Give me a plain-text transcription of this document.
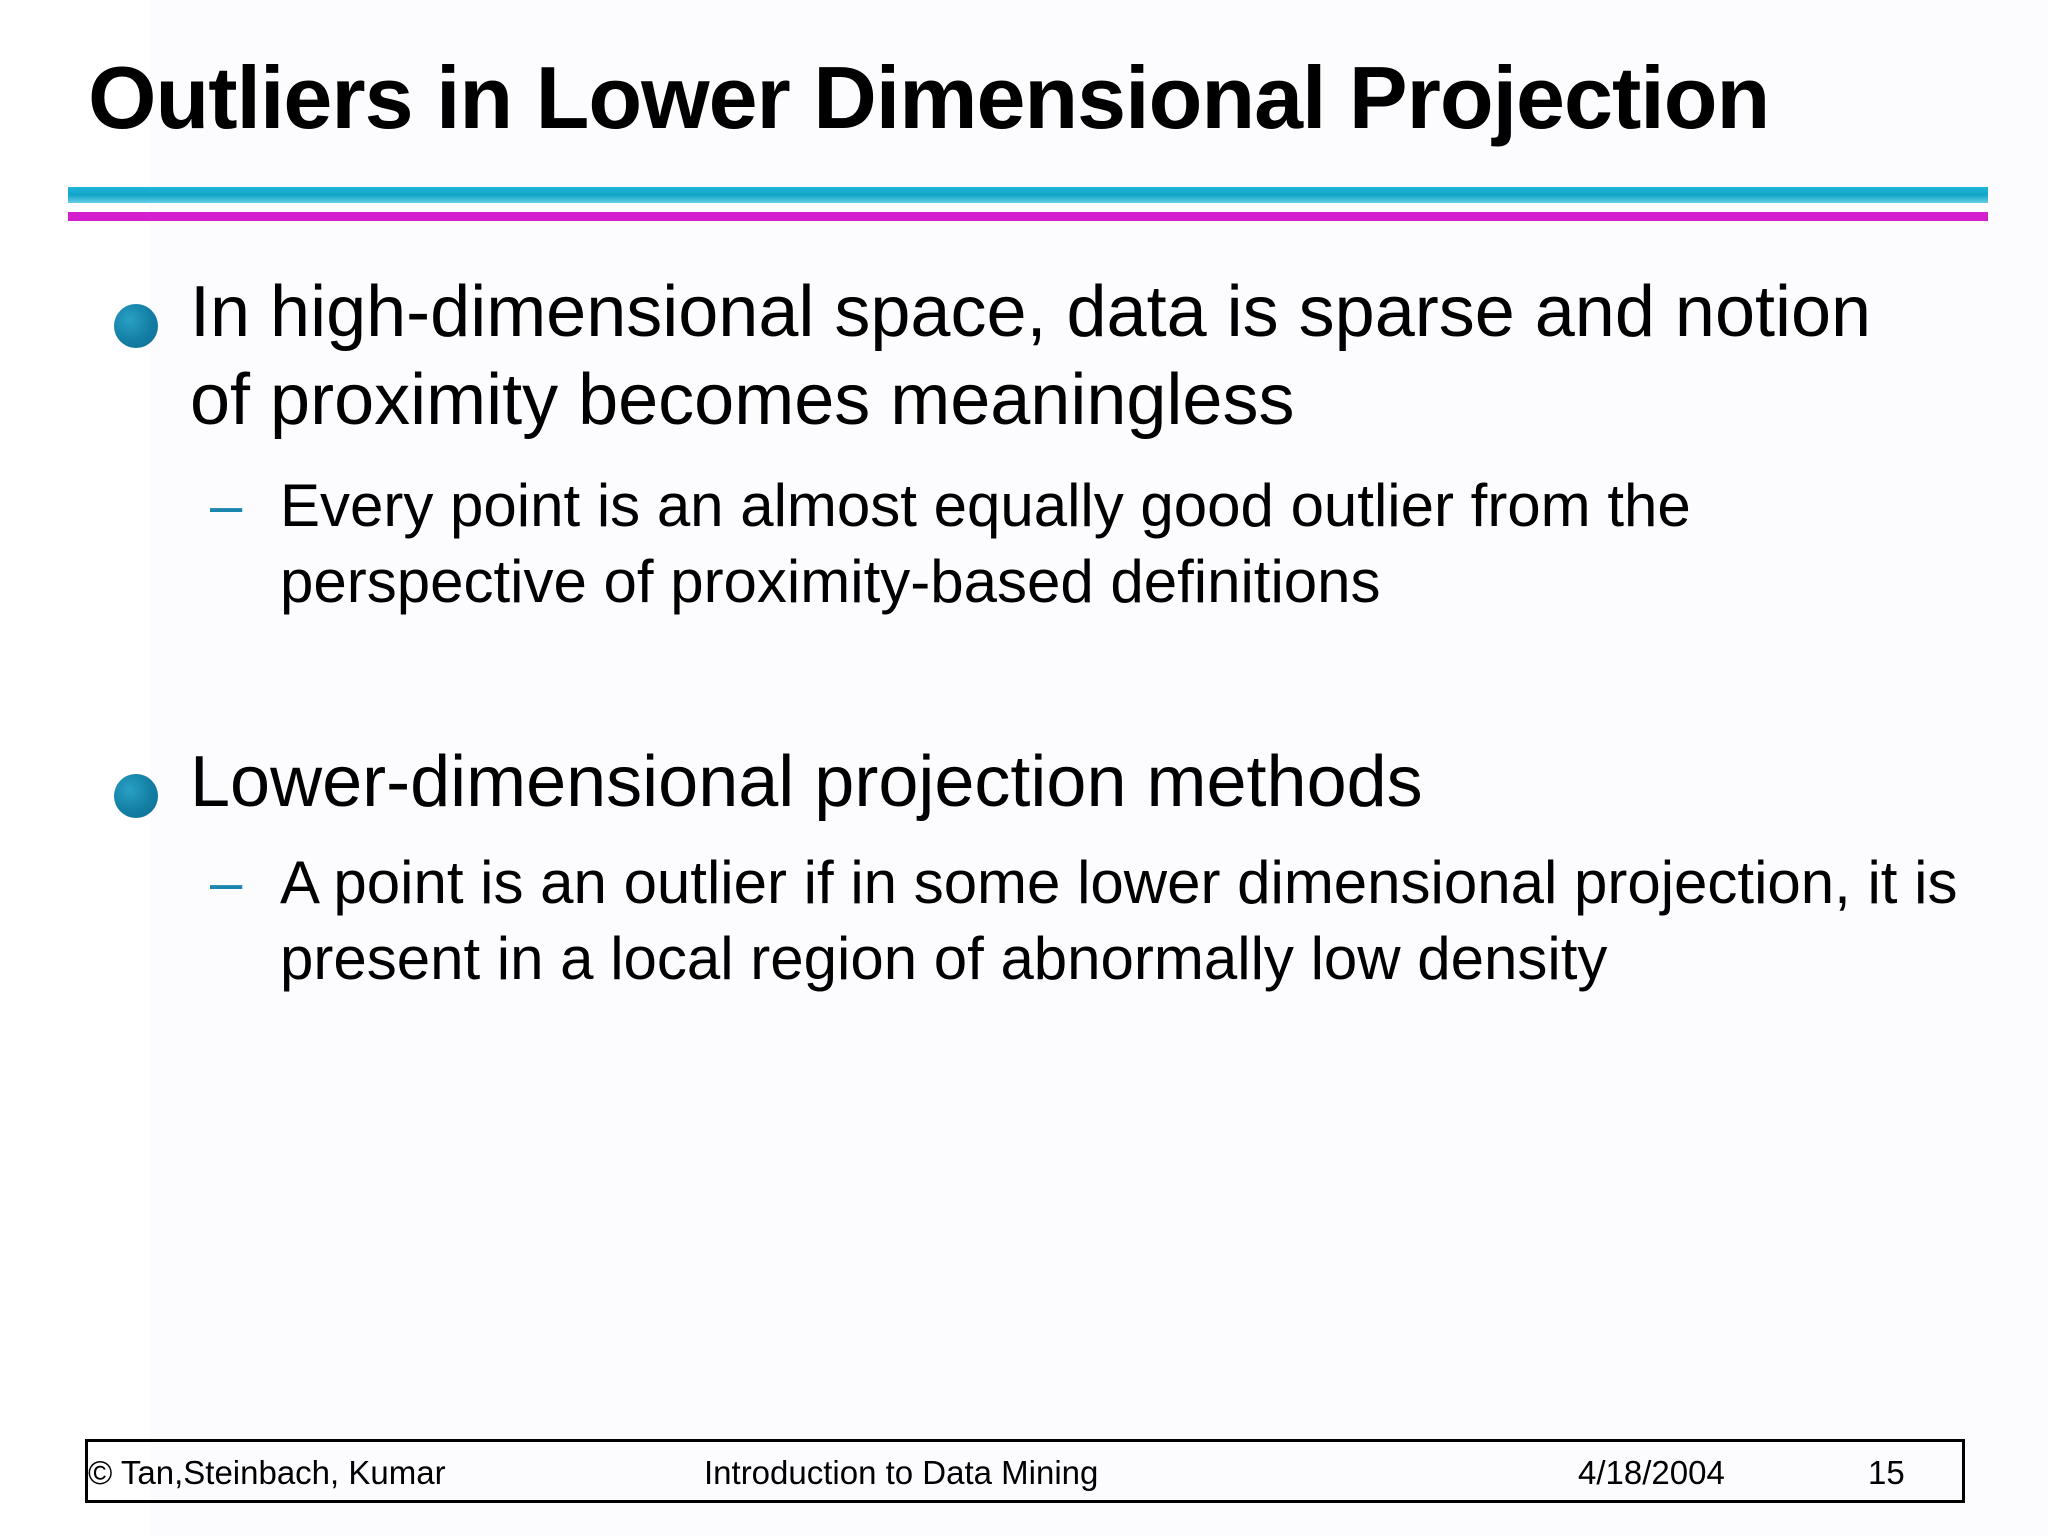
Outliers in Lower Dimensional Projection
In high-dimensional space, data is sparse and notion of proximity becomes meaningless
– Every point is an almost equally good outlier from the perspective of proximity-based definitions
Lower-dimensional projection methods
– A point is an outlier if in some lower dimensional projection, it is present in a local region of abnormally low density
© Tan,Steinbach, Kumar	Introduction to Data Mining	4/18/2004	15
